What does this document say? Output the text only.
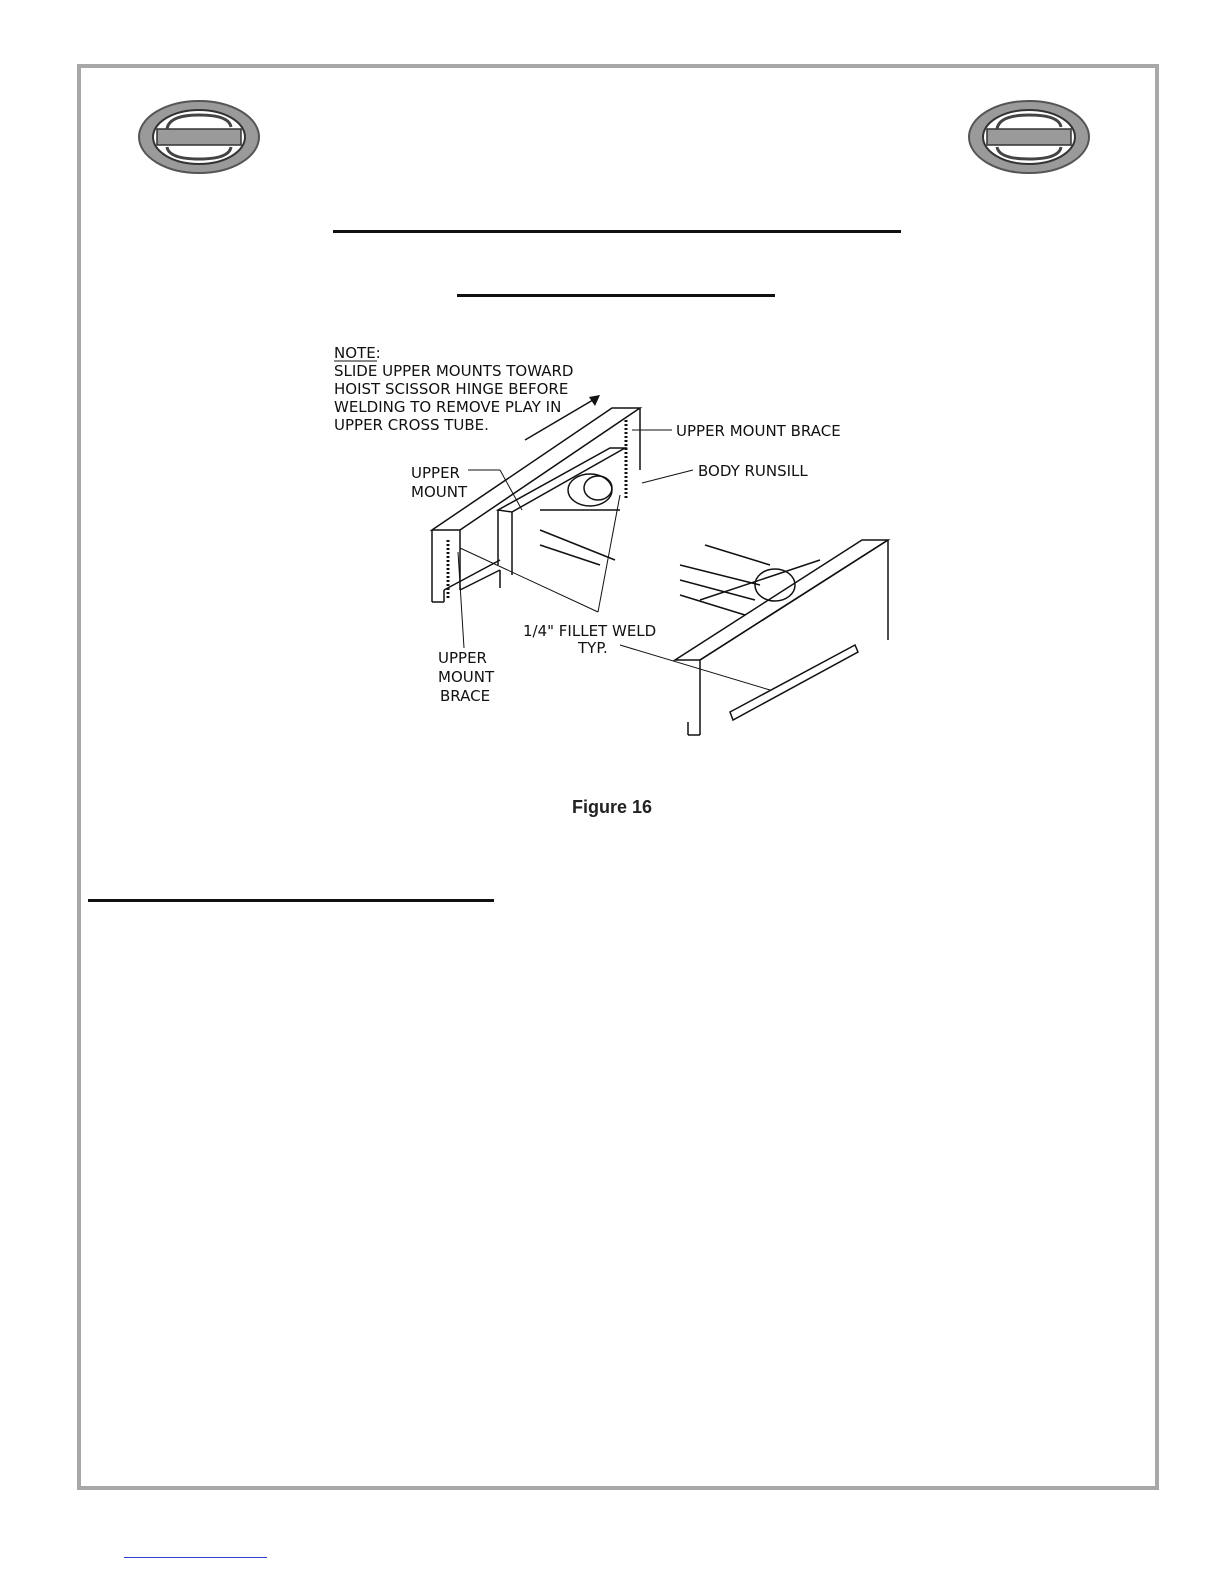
NOTE:
SLIDE UPPER MOUNTS TOWARD
HOIST SCISSOR HINGE BEFORE
WELDING TO REMOVE PLAY IN
UPPER CROSS TUBE.	UPPER MOUNT BRACE
BODY RUNSILL
UPPER
MOUNT
1/4" FILLET WELD
TYP.
UPPER
MOUNT
BRACE
Figure 16
